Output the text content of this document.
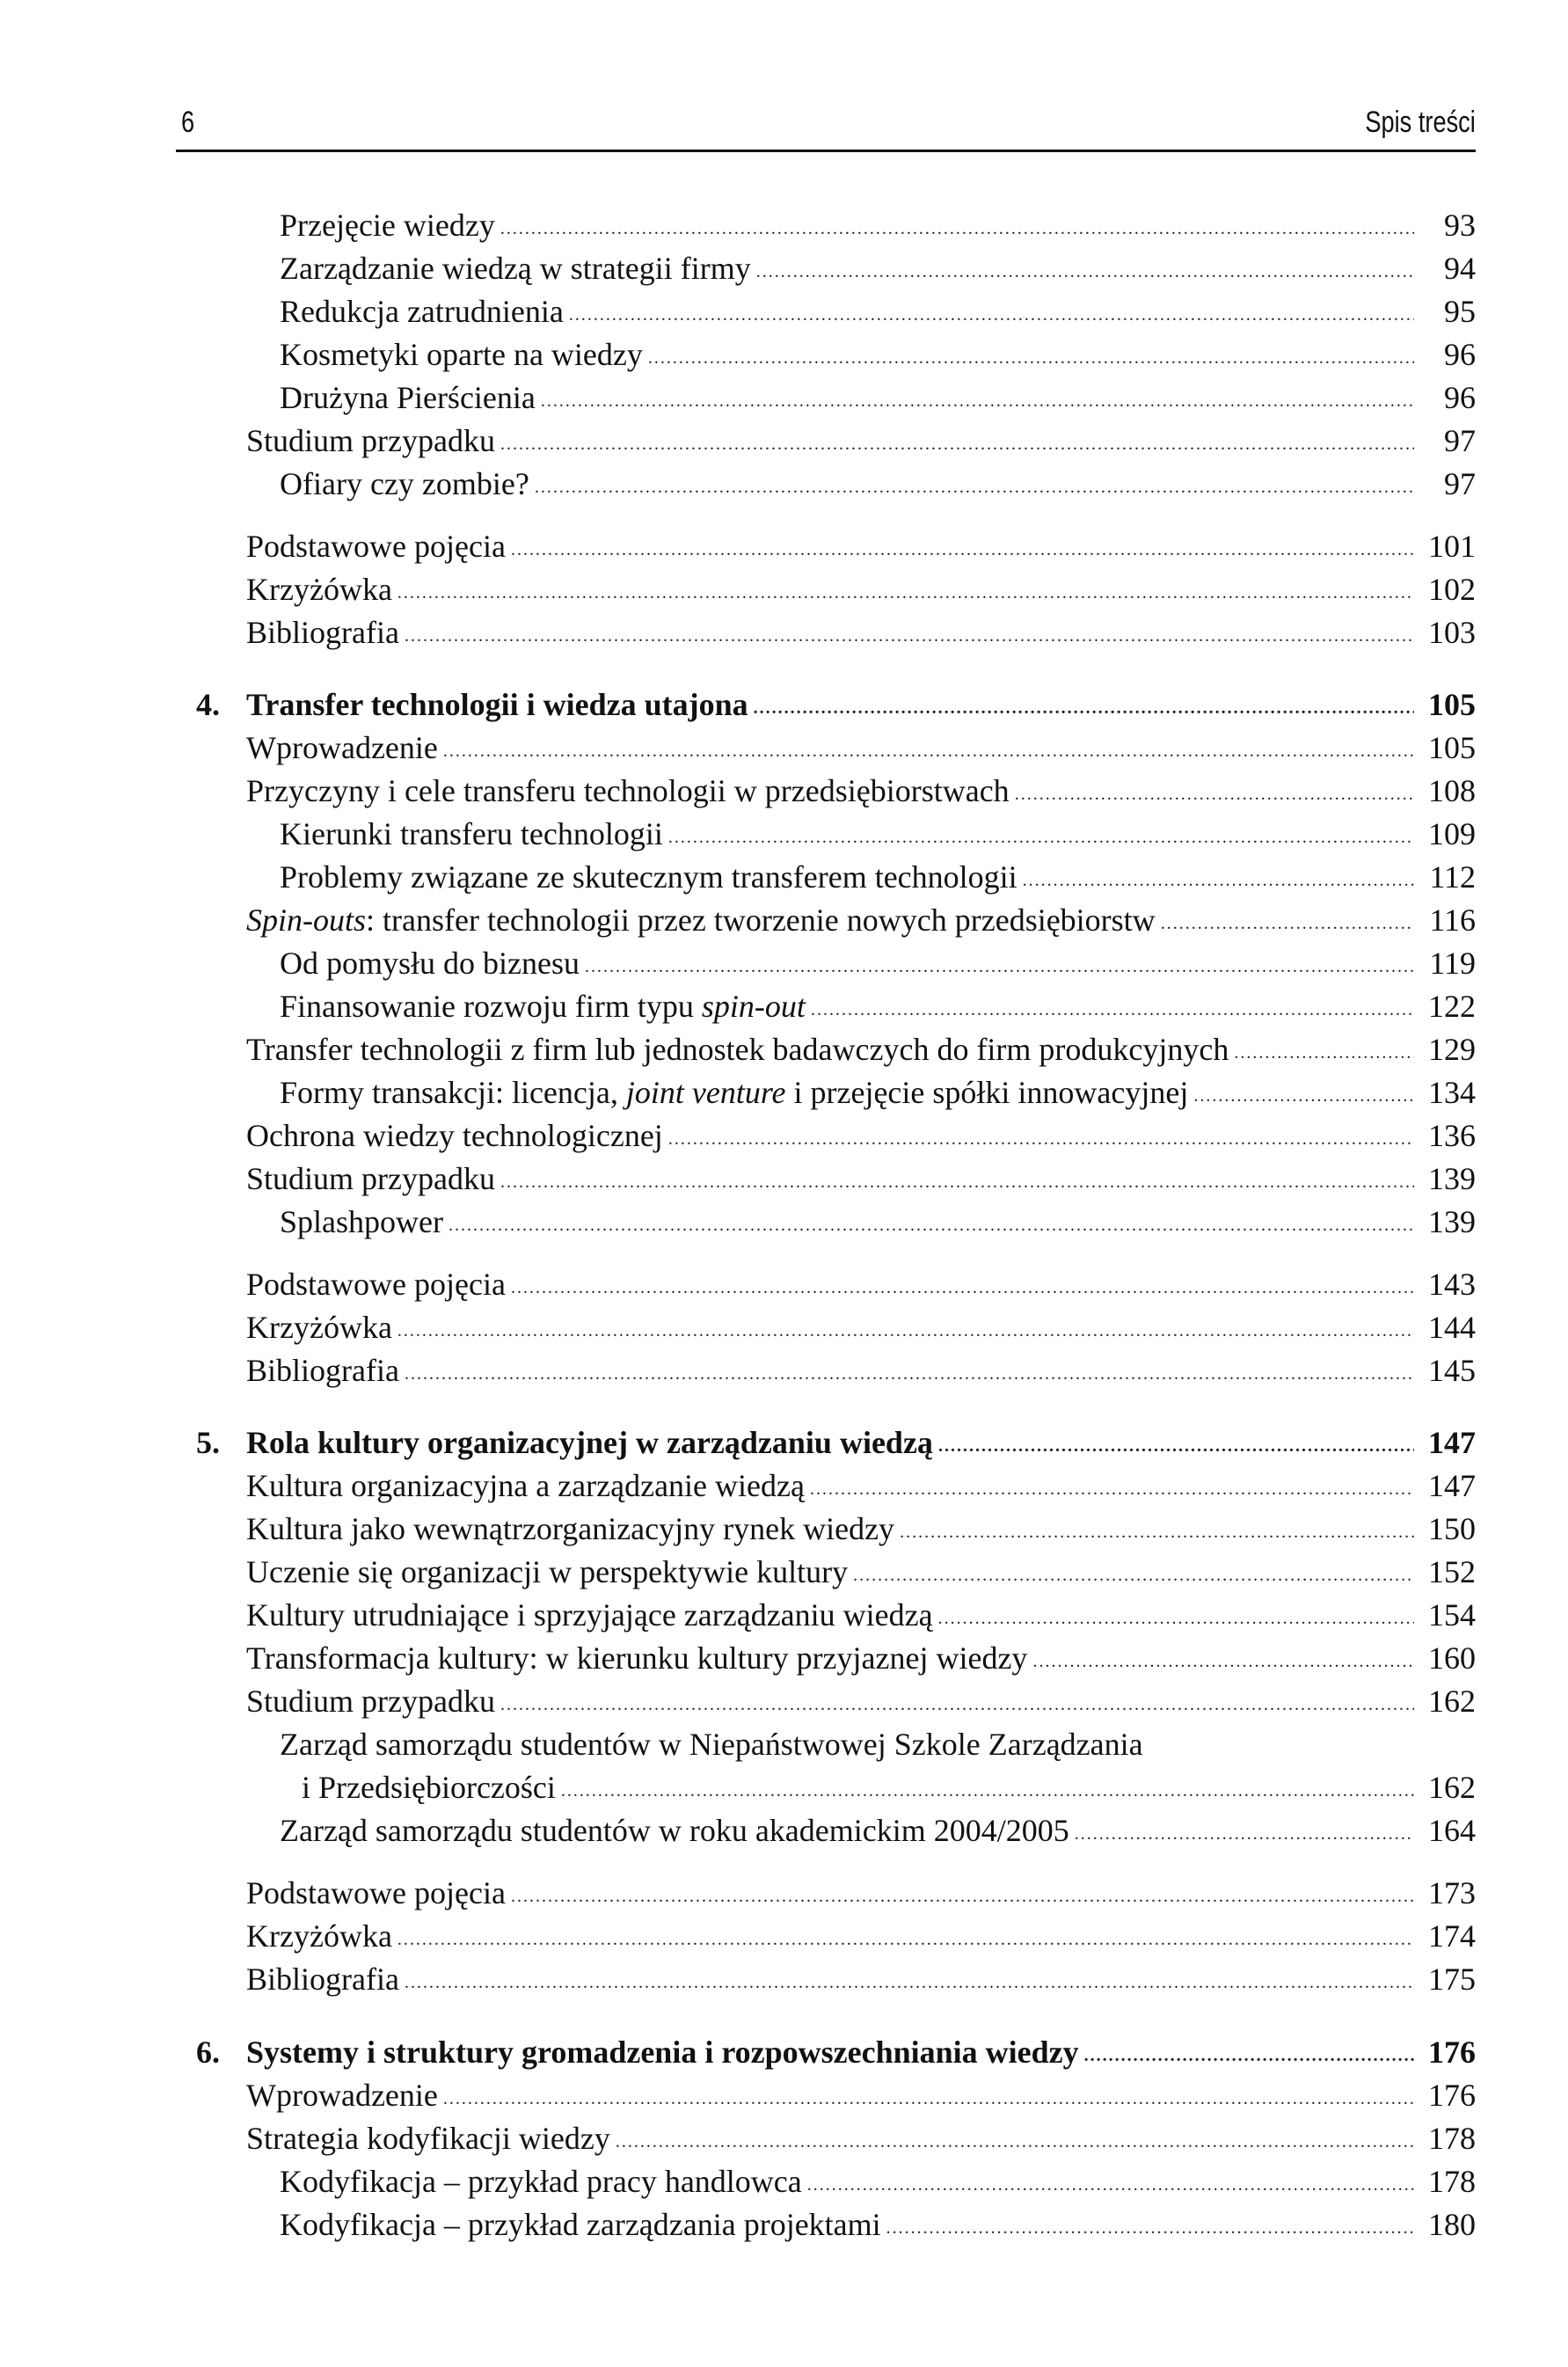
6	Spis treści
Przejęcie wiedzy .....	93
Zarządzanie wiedzą w strategii firmy .....	94
Redukcja zatrudnienia .....	95
Kosmetyki oparte na wiedzy .....	96
Drużyna Pierścienia .....	96
Studium przypadku .....	97
Ofiary czy zombie? .....	97
Podstawowe pojęcia .....	101
Krzyżówka .....	102
Bibliografia .....	103
4. Transfer technologii i wiedza utajona .....	105
Wprowadzenie .....	105
Przyczyny i cele transferu technologii w przedsiębiorstwach .....	108
Kierunki transferu technologii .....	109
Problemy związane ze skutecznym transferem technologii .....	112
Spin-outs: transfer technologii przez tworzenie nowych przedsiębiorstw .....	116
Od pomysłu do biznesu .....	119
Finansowanie rozwoju firm typu spin-out .....	122
Transfer technologii z firm lub jednostek badawczych do firm produkcyjnych .....	129
Formy transakcji: licencja, joint venture i przejęcie spółki innowacyjnej .....	134
Ochrona wiedzy technologicznej .....	136
Studium przypadku .....	139
Splashpower .....	139
Podstawowe pojęcia .....	143
Krzyżówka .....	144
Bibliografia .....	145
5. Rola kultury organizacyjnej w zarządzaniu wiedzą .....	147
Kultura organizacyjna a zarządzanie wiedzą .....	147
Kultura jako wewnątrzorganizacyjny rynek wiedzy .....	150
Uczenie się organizacji w perspektywie kultury .....	152
Kultury utrudniające i sprzyjające zarządzaniu wiedzą .....	154
Transformacja kultury: w kierunku kultury przyjaznej wiedzy .....	160
Studium przypadku .....	162
Zarząd samorządu studentów w Niepaństwowej Szkole Zarządzania
i Przedsiębiorczości .....	162
Zarząd samorządu studentów w roku akademickim 2004/2005 .....	164
Podstawowe pojęcia .....	173
Krzyżówka .....	174
Bibliografia .....	175
6. Systemy i struktury gromadzenia i rozpowszechniania wiedzy .....	176
Wprowadzenie .....	176
Strategia kodyfikacji wiedzy .....	178
Kodyfikacja – przykład pracy handlowca .....	178
Kodyfikacja – przykład zarządzania projektami .....	180
